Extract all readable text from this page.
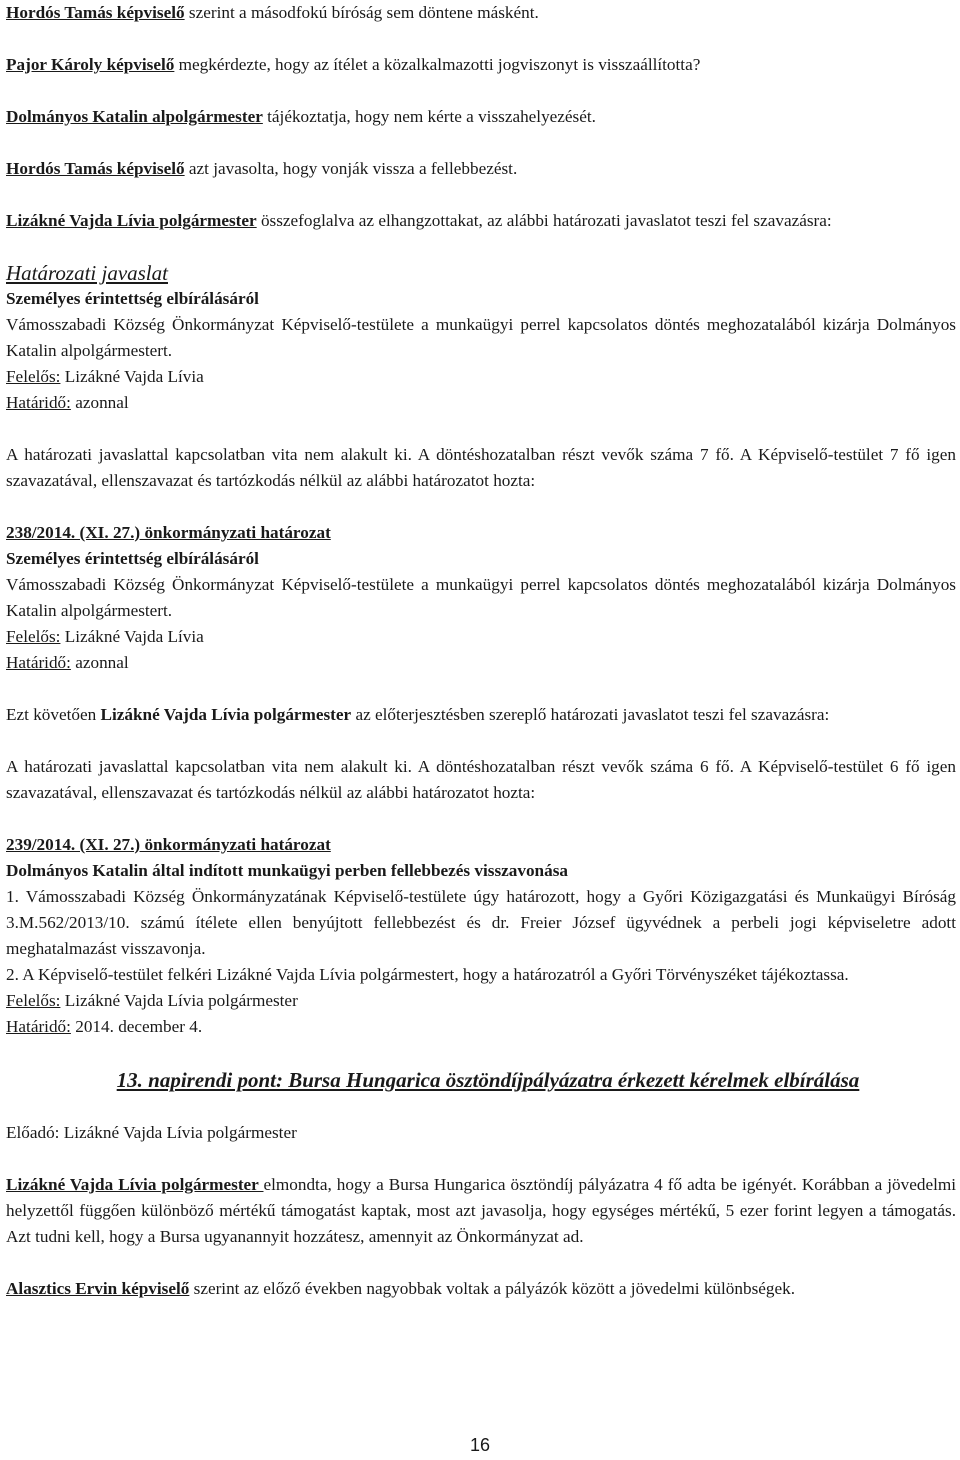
Hordós Tamás képviselő szerint a másodfokú bíróság sem döntene másként.

Pajor Károly képviselő megkérdezte, hogy az ítélet a közalkalmazotti jogviszonyt is visszaállította?

Dolmányos Katalin alpolgármester tájékoztatja, hogy nem kérte a visszahelyezését.

Hordós Tamás képviselő azt javasolta, hogy vonják vissza a fellebbezést.

Lizákné Vajda Lívia polgármester összefoglalva az elhangzottakat, az alábbi határozati javaslatot teszi fel szavazásra:

Határozati javaslat

Személyes érintettség elbírálásáról

Vámosszabadi Község Önkormányzat Képviselő-testülete a munkaügyi perrel kapcsolatos döntés meghozatalából kizárja Dolmányos Katalin alpolgármestert.

Felelős: Lizákné Vajda Lívia

Határidő: azonnal

A határozati javaslattal kapcsolatban vita nem alakult ki. A döntéshozatalban részt vevők száma 7 fő. A Képviselő-testület 7 fő igen szavazatával, ellenszavazat és tartózkodás nélkül az alábbi határozatot hozta:

238/2014. (XI. 27.) önkormányzati határozat

Személyes érintettség elbírálásáról

Vámosszabadi Község Önkormányzat Képviselő-testülete a munkaügyi perrel kapcsolatos döntés meghozatalából kizárja Dolmányos Katalin alpolgármestert.

Felelős: Lizákné Vajda Lívia

Határidő: azonnal

Ezt követően Lizákné Vajda Lívia polgármester az előterjesztésben szereplő határozati javaslatot teszi fel szavazásra:

A határozati javaslattal kapcsolatban vita nem alakult ki. A döntéshozatalban részt vevők száma 6 fő. A Képviselő-testület 6 fő igen szavazatával, ellenszavazat és tartózkodás nélkül az alábbi határozatot hozta:

239/2014. (XI. 27.) önkormányzati határozat

Dolmányos Katalin által indított munkaügyi perben fellebbezés visszavonása

1. Vámosszabadi Község Önkormányzatának Képviselő-testülete úgy határozott, hogy a Győri Közigazgatási és Munkaügyi Bíróság 3.M.562/2013/10. számú ítélete ellen benyújtott fellebbezést és dr. Freier József ügyvédnek a perbeli jogi képviseletre adott meghatalmazást visszavonja.

2. A Képviselő-testület felkéri Lizákné Vajda Lívia polgármestert, hogy a határozatról a Győri Törvényszéket tájékoztassa.

Felelős: Lizákné Vajda Lívia polgármester

Határidő: 2014. december 4.

13. napirendi pont: Bursa Hungarica ösztöndíjpályázatra érkezett kérelmek elbírálása

Előadó: Lizákné Vajda Lívia polgármester

Lizákné Vajda Lívia polgármester elmondta, hogy a Bursa Hungarica ösztöndíj pályázatra 4 fő adta be igényét. Korábban a jövedelmi helyzettől függően különböző mértékű támogatást kaptak, most azt javasolja, hogy egységes mértékű, 5 ezer forint legyen a támogatás. Azt tudni kell, hogy a Bursa ugyanannyit hozzátesz, amennyit az Önkormányzat ad.

Alasztics Ervin képviselő szerint az előző években nagyobbak voltak a pályázók között a jövedelmi különbségek.

16
